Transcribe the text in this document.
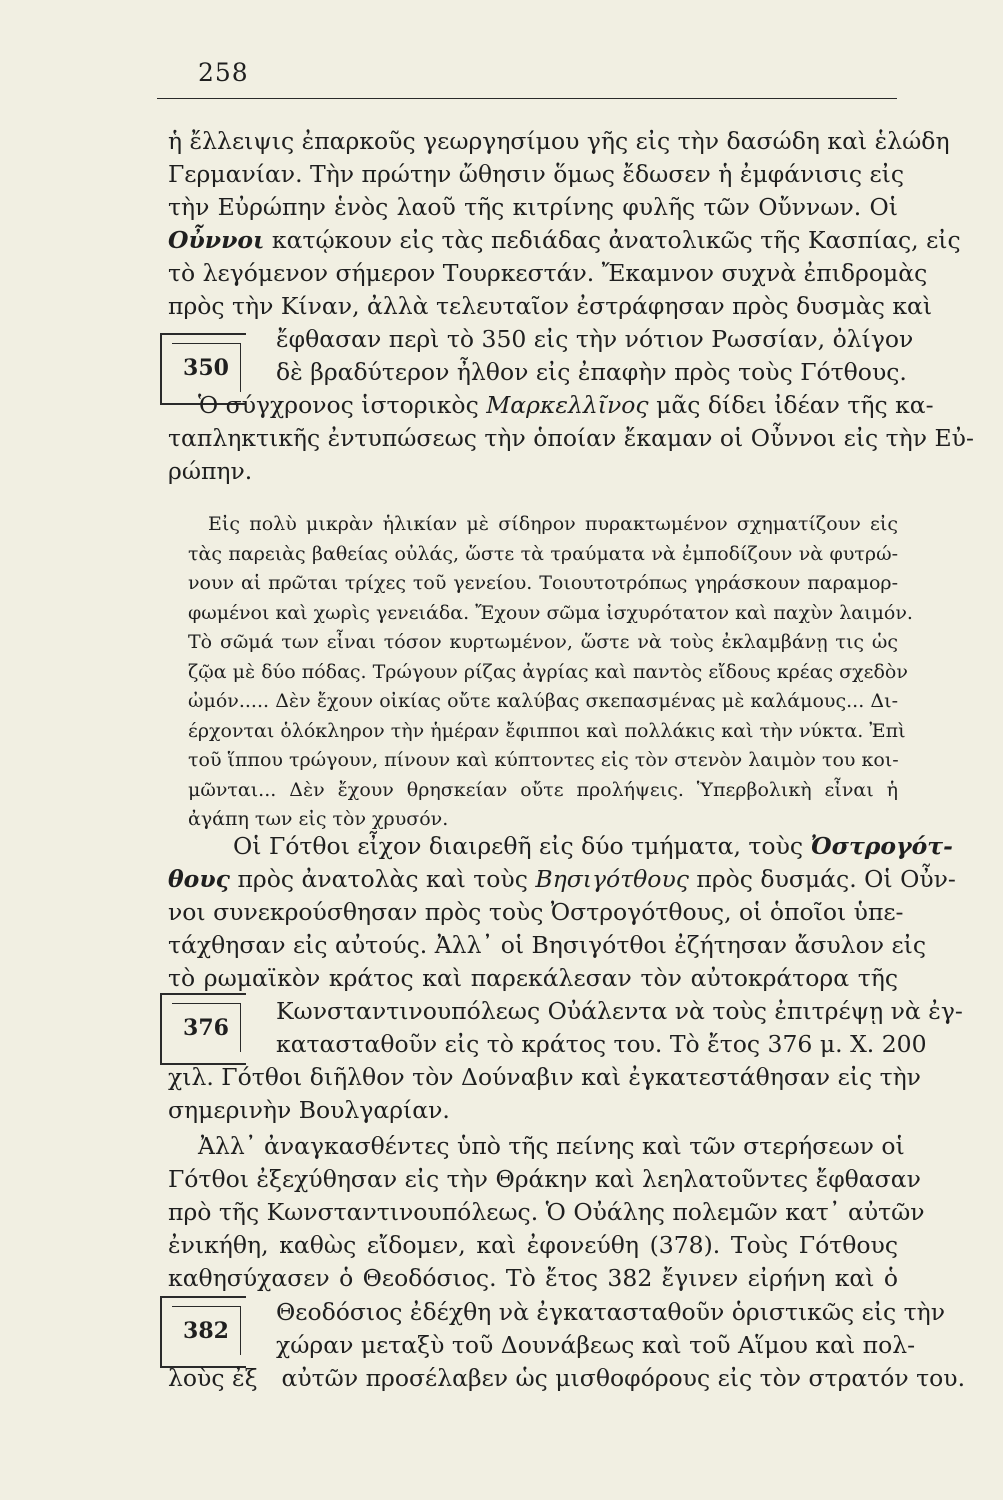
258
ἡ ἔλλειψις ἐπαρκοῦς γεωργησίμου γῆς εἰς τὴν δασώδη καὶ ἑλώδη
Γερμανίαν. Τὴν πρώτην ὤθησιν ὅμως ἔδωσεν ἡ ἐμφάνισις εἰς
τὴν Εὐρώπην ἑνὸς λαοῦ τῆς κιτρίνης φυλῆς τῶν Οὔννων. Οἱ
Οὖννοι κατῴκουν εἰς τὰς πεδιάδας ἀνατολικῶς τῆς Κασπίας, εἰς
τὸ λεγόμενον σήμερον Τουρκεστάν. Ἔκαμνον συχνὰ ἐπιδρομὰς
πρὸς τὴν Κίναν, ἀλλὰ τελευταῖον ἐστράφησαν πρὸς δυσμὰς καὶ
350
ἔφθασαν περὶ τὸ 350 εἰς τὴν νότιον Ρωσσίαν, ὀλίγον
δὲ βραδύτερον ἦλθον εἰς ἐπαφὴν πρὸς τοὺς Γότθους.
Ὁ σύγχρονος ἱστορικὸς Μαρκελλῖνος μᾶς δίδει ἰδέαν τῆς κα-
ταπληκτικῆς ἐντυπώσεως τὴν ὁποίαν ἔκαμαν οἱ Οὖννοι εἰς τὴν Εὐ-
ρώπην.
Εἰς πολὺ μικρὰν ἡλικίαν μὲ σίδηρον πυρακτωμένον σχηματίζουν εἰς
τὰς παρειὰς βαθείας οὐλάς, ὥστε τὰ τραύματα νὰ ἐμποδίζουν νὰ φυτρώ-
νουν αἱ πρῶται τρίχες τοῦ γενείου. Τοιουτοτρόπως γηράσκουν παραμορ-
φωμένοι καὶ χωρὶς γενειάδα. Ἔχουν σῶμα ἰσχυρότατον καὶ παχὺν λαιμόν.
Τὸ σῶμά των εἶναι τόσον κυρτωμένον, ὥστε νὰ τοὺς ἐκλαμβάνῃ τις ὡς
ζῷα μὲ δύο πόδας. Τρώγουν ρίζας ἀγρίας καὶ παντὸς εἴδους κρέας σχεδὸν
ὠμόν..... Δὲν ἔχουν οἰκίας οὔτε καλύβας σκεπασμένας μὲ καλάμους... Δι-
έρχονται ὁλόκληρον τὴν ἡμέραν ἔφιπποι καὶ πολλάκις καὶ τὴν νύκτα. Ἐπὶ
τοῦ ἵππου τρώγουν, πίνουν καὶ κύπτοντες εἰς τὸν στενὸν λαιμὸν του κοι-
μῶνται... Δὲν ἔχουν θρησκείαν οὔτε προλήψεις. Ὑπερβολικὴ εἶναι ἡ
ἀγάπη των εἰς τὸν χρυσόν.
Οἱ Γότθοι εἶχον διαιρεθῆ εἰς δύο τμήματα, τοὺς Ὀστρογότ-
θους πρὸς ἀνατολὰς καὶ τοὺς Βησιγότθους πρὸς δυσμάς. Οἱ Οὖν-
νοι συνεκρούσθησαν πρὸς τοὺς Ὀστρογότθους, οἱ ὁποῖοι ὑπε-
τάχθησαν εἰς αὐτούς. Ἀλλ᾽ οἱ Βησιγότθοι ἐζήτησαν ἄσυλον εἰς
τὸ ρωμαϊκὸν κράτος καὶ παρεκάλεσαν τὸν αὐτοκράτορα τῆς
376
Κωνσταντινουπόλεως Οὐάλεντα νὰ τοὺς ἐπιτρέψῃ νὰ ἐγ-
κατασταθοῦν εἰς τὸ κράτος του. Τὸ ἔτος 376 μ. Χ. 200
χιλ. Γότθοι διῆλθον τὸν Δούναβιν καὶ ἐγκατεστάθησαν εἰς τὴν
σημερινὴν Βουλγαρίαν.
Ἀλλ᾽ ἀναγκασθέντες ὑπὸ τῆς πείνης καὶ τῶν στερήσεων οἱ
Γότθοι ἐξεχύθησαν εἰς τὴν Θράκην καὶ λεηλατοῦντες ἔφθασαν
πρὸ τῆς Κωνσταντινουπόλεως. Ὁ Οὐάλης πολεμῶν κατ᾽ αὐτῶν
ἐνικήθη, καθὼς εἴδομεν, καὶ ἐφονεύθη (378). Τοὺς Γότθους
καθησύχασεν ὁ Θεοδόσιος. Τὸ ἔτος 382 ἔγινεν εἰρήνη καὶ ὁ
382
Θεοδόσιος ἐδέχθη νὰ ἐγκατασταθοῦν ὁριστικῶς εἰς τὴν
χώραν μεταξὺ τοῦ Δουνάβεως καὶ τοῦ Αἵμου καὶ πολ-
λοὺς ἐξ αὐτῶν προσέλαβεν ὡς μισθοφόρους εἰς τὸν στρατόν του.
